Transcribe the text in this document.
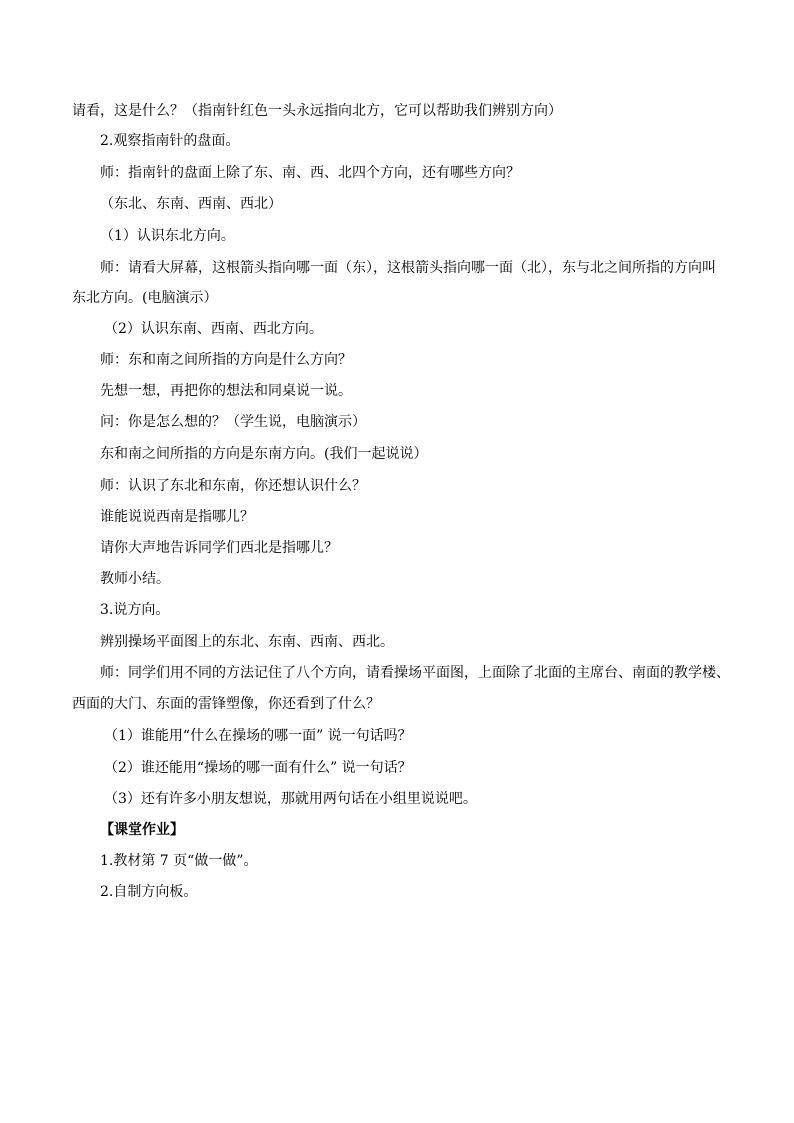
请看，这是什么？（指南针红色一头永远指向北方，它可以帮助我们辨别方向）
2.观察指南针的盘面。
师：指南针的盘面上除了东、南、西、北四个方向，还有哪些方向？
（东北、东南、西南、西北）
（1）认识东北方向。
师：请看大屏幕，这根箭头指向哪一面（东），这根箭头指向哪一面（北），东与北之间所指的方向叫
东北方向。(电脑演示）
（2）认识东南、西南、西北方向。
师：东和南之间所指的方向是什么方向？
先想一想，再把你的想法和同桌说一说。
问：你是怎么想的？（学生说，电脑演示）
东和南之间所指的方向是东南方向。(我们一起说说）
师：认识了东北和东南，你还想认识什么？
谁能说说西南是指哪儿？
请你大声地告诉同学们西北是指哪儿？
教师小结。
3.说方向。
辨别操场平面图上的东北、东南、西南、西北。
师：同学们用不同的方法记住了八个方向，请看操场平面图，上面除了北面的主席台、南面的教学楼、
西面的大门、东面的雷锋塑像，你还看到了什么？
（1）谁能用“什么在操场的哪一面” 说一句话吗？
（2）谁还能用“操场的哪一面有什么” 说一句话？
（3）还有许多小朋友想说，那就用两句话在小组里说说吧。
【课堂作业】
1.教材第 7 页“做一做”。
2.自制方向板。
